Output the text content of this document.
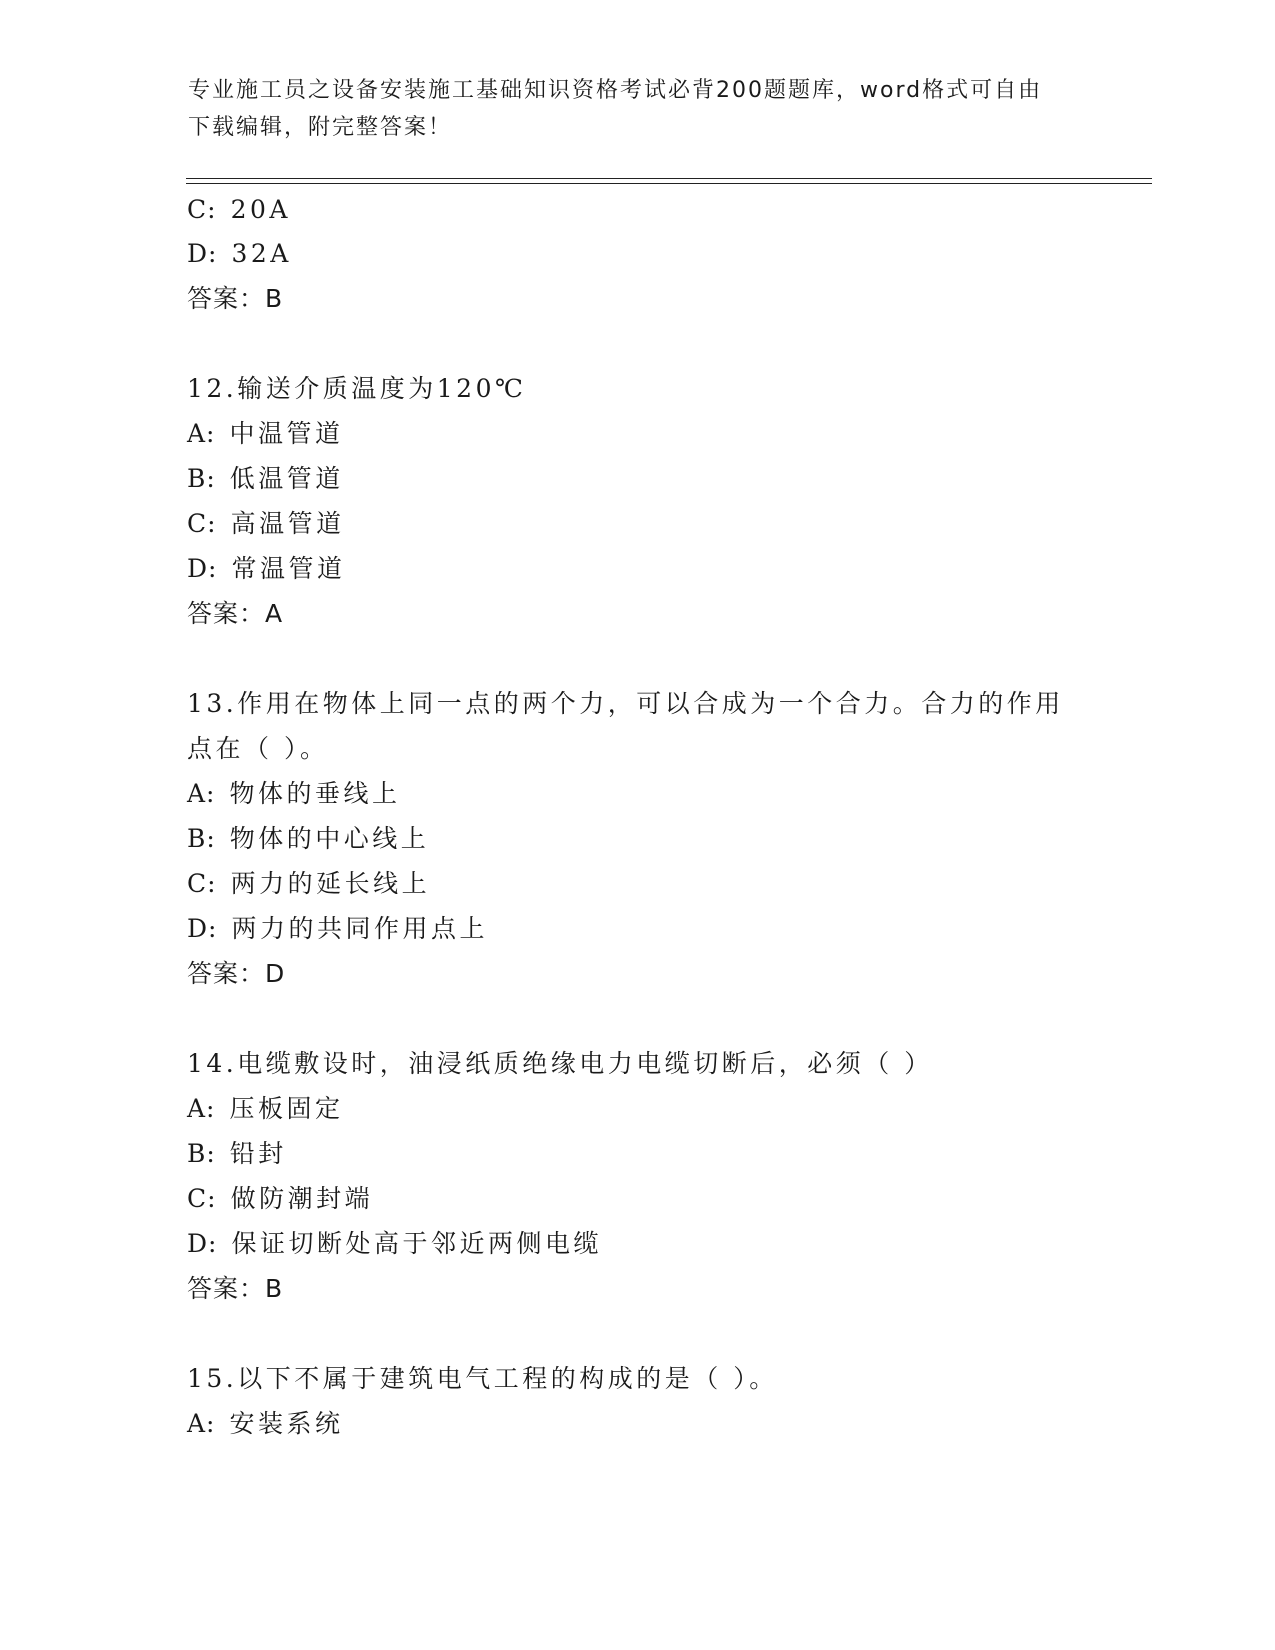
专业施工员之设备安装施工基础知识资格考试必背200题题库，word格式可自由
下载编辑，附完整答案！
C: 20A
D: 32A
答案：B
12.输送介质温度为120℃
A: 中温管道
B: 低温管道
C: 高温管道
D: 常温管道
答案：A
13.作用在物体上同一点的两个力，可以合成为一个合力。合力的作用
点在（ ）。
A: 物体的垂线上
B: 物体的中心线上
C: 两力的延长线上
D: 两力的共同作用点上
答案：D
14.电缆敷设时，油浸纸质绝缘电力电缆切断后，必须（ ）
A: 压板固定
B: 铅封
C: 做防潮封端
D: 保证切断处高于邻近两侧电缆
答案：B
15.以下不属于建筑电气工程的构成的是（ ）。
A: 安装系统
